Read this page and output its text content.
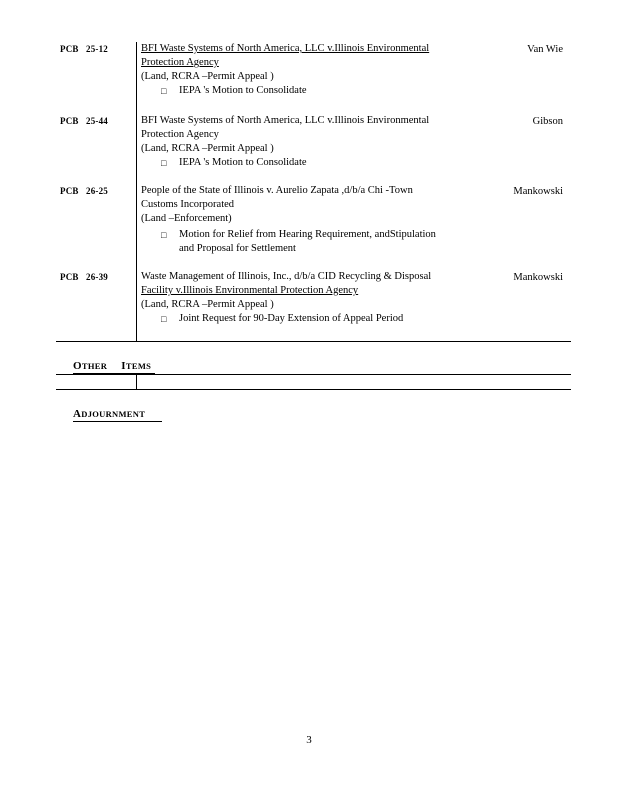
PCB 25-12	BFI Waste Systems of North America, LLC v.Illinois Environmental
Protection Agency
(Land, RCRA –Permit Appeal )
□ IEPA 's Motion to Consolidate
Van Wie
PCB 25-44	BFI Waste Systems of North America, LLC v.Illinois Environmental
Protection Agency
(Land, RCRA –Permit Appeal )
□ IEPA 's Motion to Consolidate
Gibson
PCB 26-25	People of the State of Illinois v. Aurelio Zapata ,d/b/a Chi -Town
Customs Incorporated
(Land –Enforcement)
□ Motion for Relief from Hearing Requirement, andStipulation
and Proposal for Settlement
Mankowski
PCB 26-39	Waste Management of Illinois, Inc., d/b/a CID Recycling & Disposal
Facility v.Illinois Environmental Protection Agency
(Land, RCRA –Permit Appeal )
□ Joint Request for 90-Day Extension of Appeal Period
Mankowski
OTHER ITEMS
ADJOURNMENT
3
